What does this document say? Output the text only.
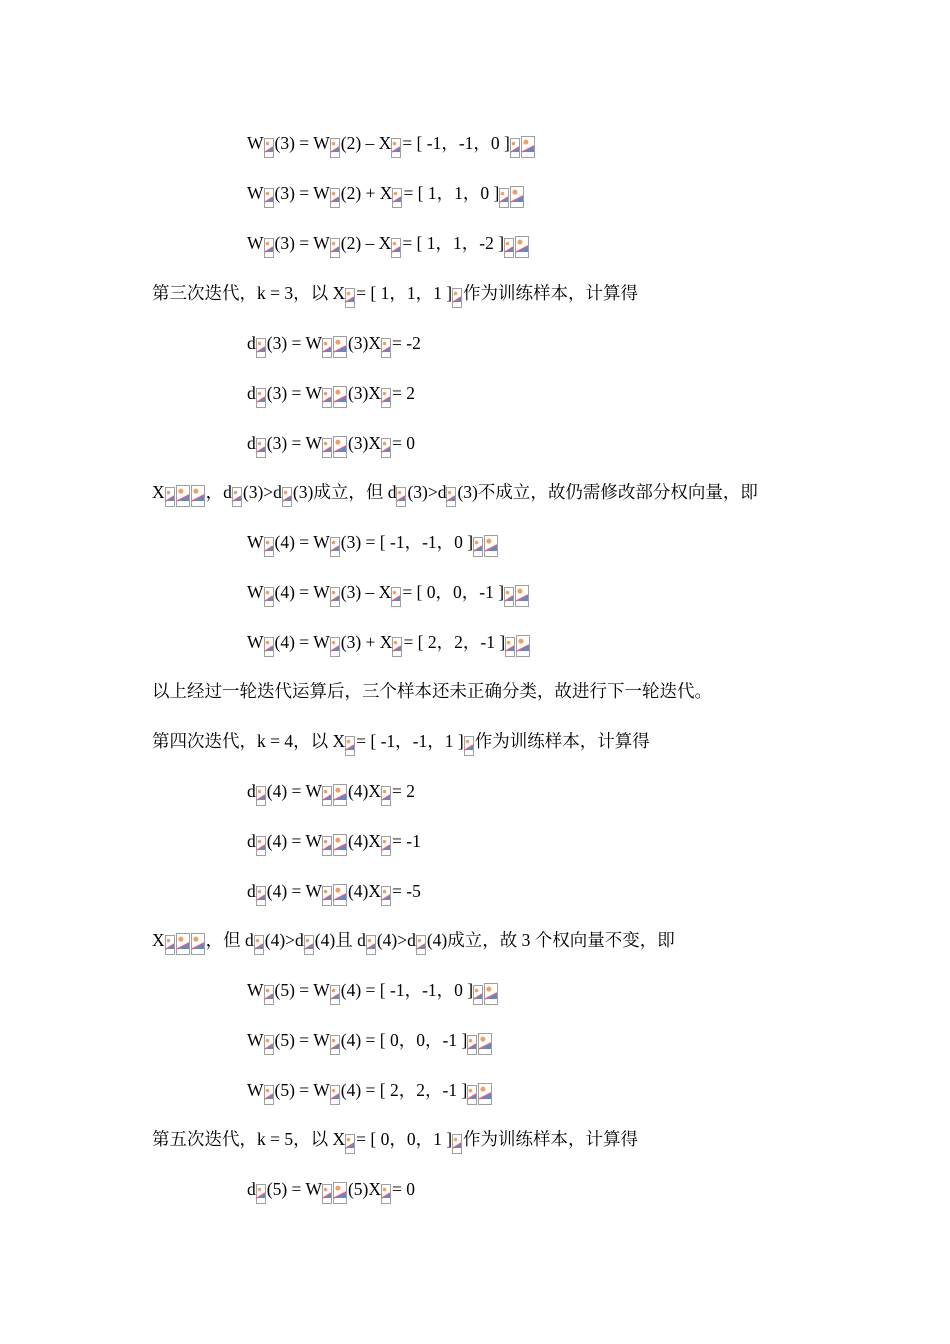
W (3) = W (2) – X = [ -1，-1，0 ]
W (3) = W (2) + X = [ 1，1，0 ]
W (3) = W (2) – X = [ 1，1，-2 ]
第三次迭代，k = 3，以 X = [ 1，1，1 ] 作为训练样本，计算得
d (3) = W (3)X = -2
d (3) = W (3)X = 2
d (3) = W (3)X = 0
X ，d (3)>d (3)成立，但 d (3)>d (3)不成立，故仍需修改部分权向量，即
W (4) = W (3) = [ -1，-1，0 ]
W (4) = W (3) – X = [ 0，0，-1 ]
W (4) = W (3) + X = [ 2，2，-1 ]
以上经过一轮迭代运算后，三个样本还未正确分类，故进行下一轮迭代。
第四次迭代，k = 4，以 X = [ -1，-1，1 ] 作为训练样本，计算得
d (4) = W (4)X = 2
d (4) = W (4)X = -1
d (4) = W (4)X = -5
X ，但 d (4)>d (4)且 d (4)>d (4)成立，故 3 个权向量不变，即
W (5) = W (4) = [ -1，-1，0 ]
W (5) = W (4) = [ 0，0，-1 ]
W (5) = W (4) = [ 2，2，-1 ]
第五次迭代，k = 5，以 X = [ 0，0，1 ] 作为训练样本，计算得
d (5) = W (5)X = 0
